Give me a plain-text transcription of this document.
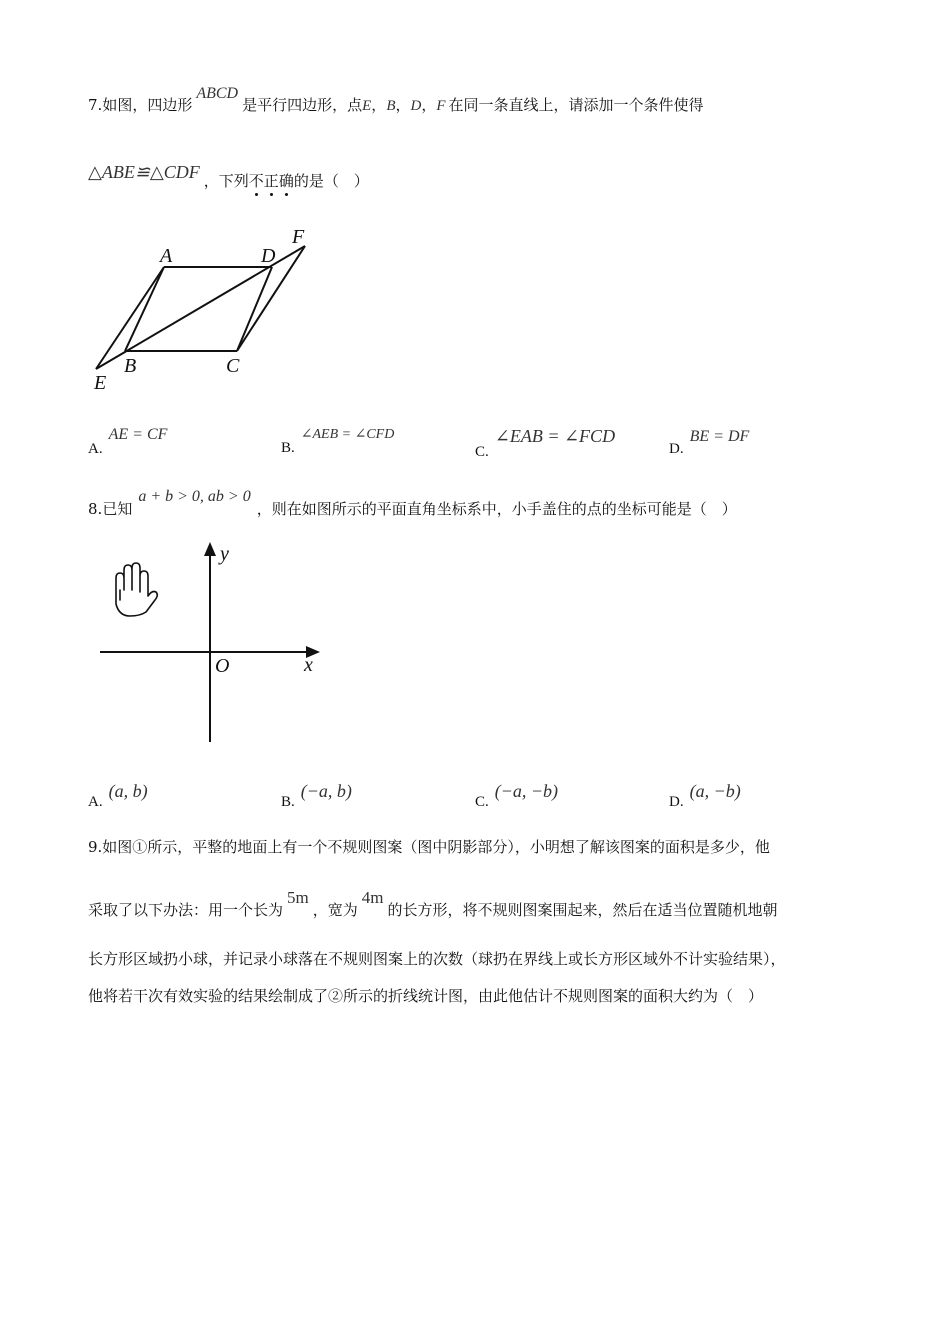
7.如图，四边形ABCD是平行四边形，点E，B，D，F 在同一条直线上，请添加一个条件使得
△ABE≌△CDF ，下列不正确的是（　）
A	D
F
B	C
E
A.AE = CF
B.∠AEB = ∠CFD
C.∠EAB = ∠FCD
D.BE = DF
8.已知a + b > 0, ab > 0，则在如图所示的平面直角坐标系中，小手盖住的点的坐标可能是（　）
y
x
O
A.(a, b)
B.(−a, b)
C.(−a, −b)
D.(a, −b)
9.如图①所示，平整的地面上有一个不规则图案（图中阴影部分），小明想了解该图案的面积是多少，他
采取了以下办法：用一个长为5m，宽为4m的长方形，将不规则图案围起来，然后在适当位置随机地朝
长方形区域扔小球，并记录小球落在不规则图案上的次数（球扔在界线上或长方形区域外不计实验结果），
他将若干次有效实验的结果绘制成了②所示的折线统计图，由此他估计不规则图案的面积大约为（　）
